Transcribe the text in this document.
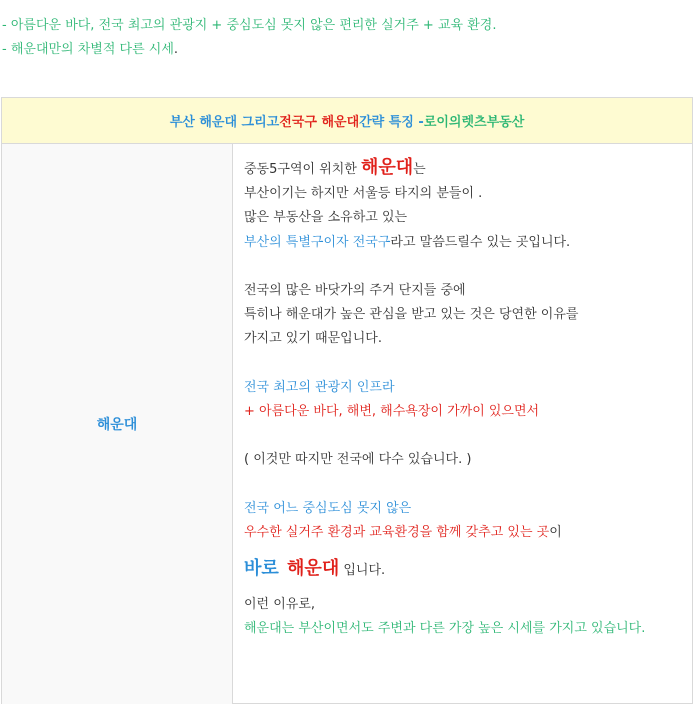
- 아름다운 바다, 전국 최고의 관광지 + 중심도심 못지 않은 편리한 실거주 + 교육 환경.
- 해운대만의 차별적 다른 시세.
부산 해운대 그리고 전국구 해운대 간략 특징 - 로이의렛츠부동산
해운대
중동5구역이 위치한 해운대는
부산이기는 하지만 서울등 타지의 분들이 .
많은 부동산을 소유하고 있는
부산의 특별구이자 전국구라고 말씀드릴수 있는 곳입니다.
전국의 많은 바닷가의 주거 단지들 중에
특히나 해운대가 높은 관심을 받고 있는 것은 당연한 이유를
가지고 있기 때문입니다.
전국 최고의 관광지 인프라
+ 아름다운 바다, 해변, 해수욕장이 가까이 있으면서
( 이것만 따지만 전국에 다수 있습니다. )
전국 어느 중심도심 못지 않은
우수한 실거주 환경과 교육환경을 함께 갖추고 있는 곳이
바로 해운대 입니다.
이런 이유로,
해운대는 부산이면서도 주변과 다른 가장 높은 시세를 가지고 있습니다.
